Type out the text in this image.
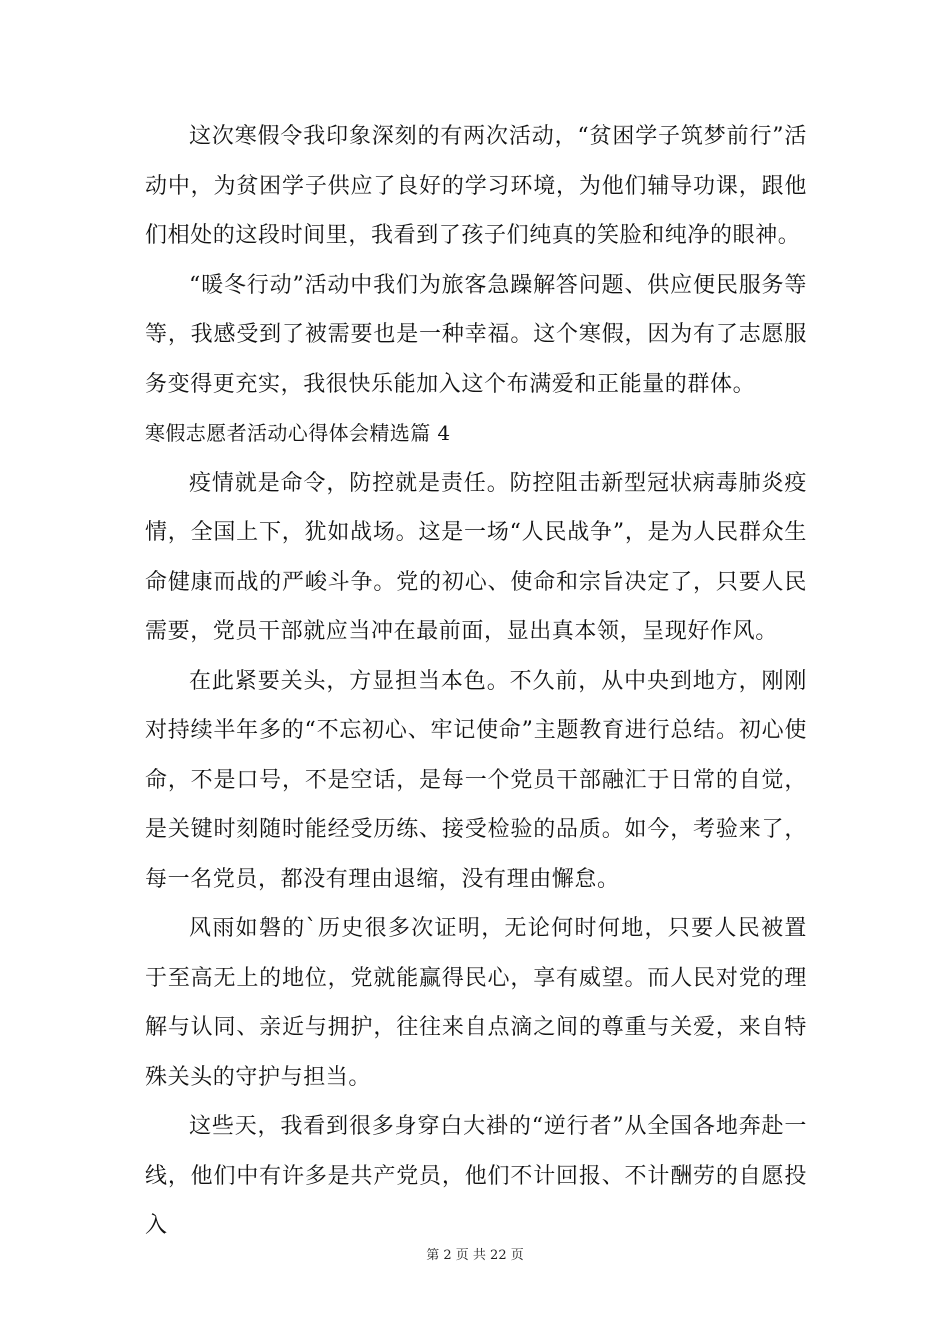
这次寒假令我印象深刻的有两次活动，“贫困学子筑梦前行”活动中，为贫困学子供应了良好的学习环境，为他们辅导功课，跟他们相处的这段时间里，我看到了孩子们纯真的笑脸和纯净的眼神。

“暖冬行动”活动中我们为旅客急躁解答问题、供应便民服务等等，我感受到了被需要也是一种幸福。这个寒假，因为有了志愿服务变得更充实，我很快乐能加入这个布满爱和正能量的群体。

寒假志愿者活动心得体会精选篇 4

疫情就是命令，防控就是责任。防控阻击新型冠状病毒肺炎疫情，全国上下，犹如战场。这是一场“人民战争”，是为人民群众生命健康而战的严峻斗争。党的初心、使命和宗旨决定了，只要人民需要，党员干部就应当冲在最前面，显出真本领，呈现好作风。

在此紧要关头，方显担当本色。不久前，从中央到地方，刚刚对持续半年多的“不忘初心、牢记使命”主题教育进行总结。初心使命，不是口号，不是空话，是每一个党员干部融汇于日常的自觉，是关键时刻随时能经受历练、接受检验的品质。如今，考验来了，每一名党员，都没有理由退缩，没有理由懈怠。

风雨如磐的`历史很多次证明，无论何时何地，只要人民被置于至高无上的地位，党就能赢得民心，享有威望。而人民对党的理解与认同、亲近与拥护，往往来自点滴之间的尊重与关爱，来自特殊关头的守护与担当。

这些天，我看到很多身穿白大褂的“逆行者”从全国各地奔赴一线，他们中有许多是共产党员，他们不计回报、不计酬劳的自愿投入

第 2 页 共 22 页
